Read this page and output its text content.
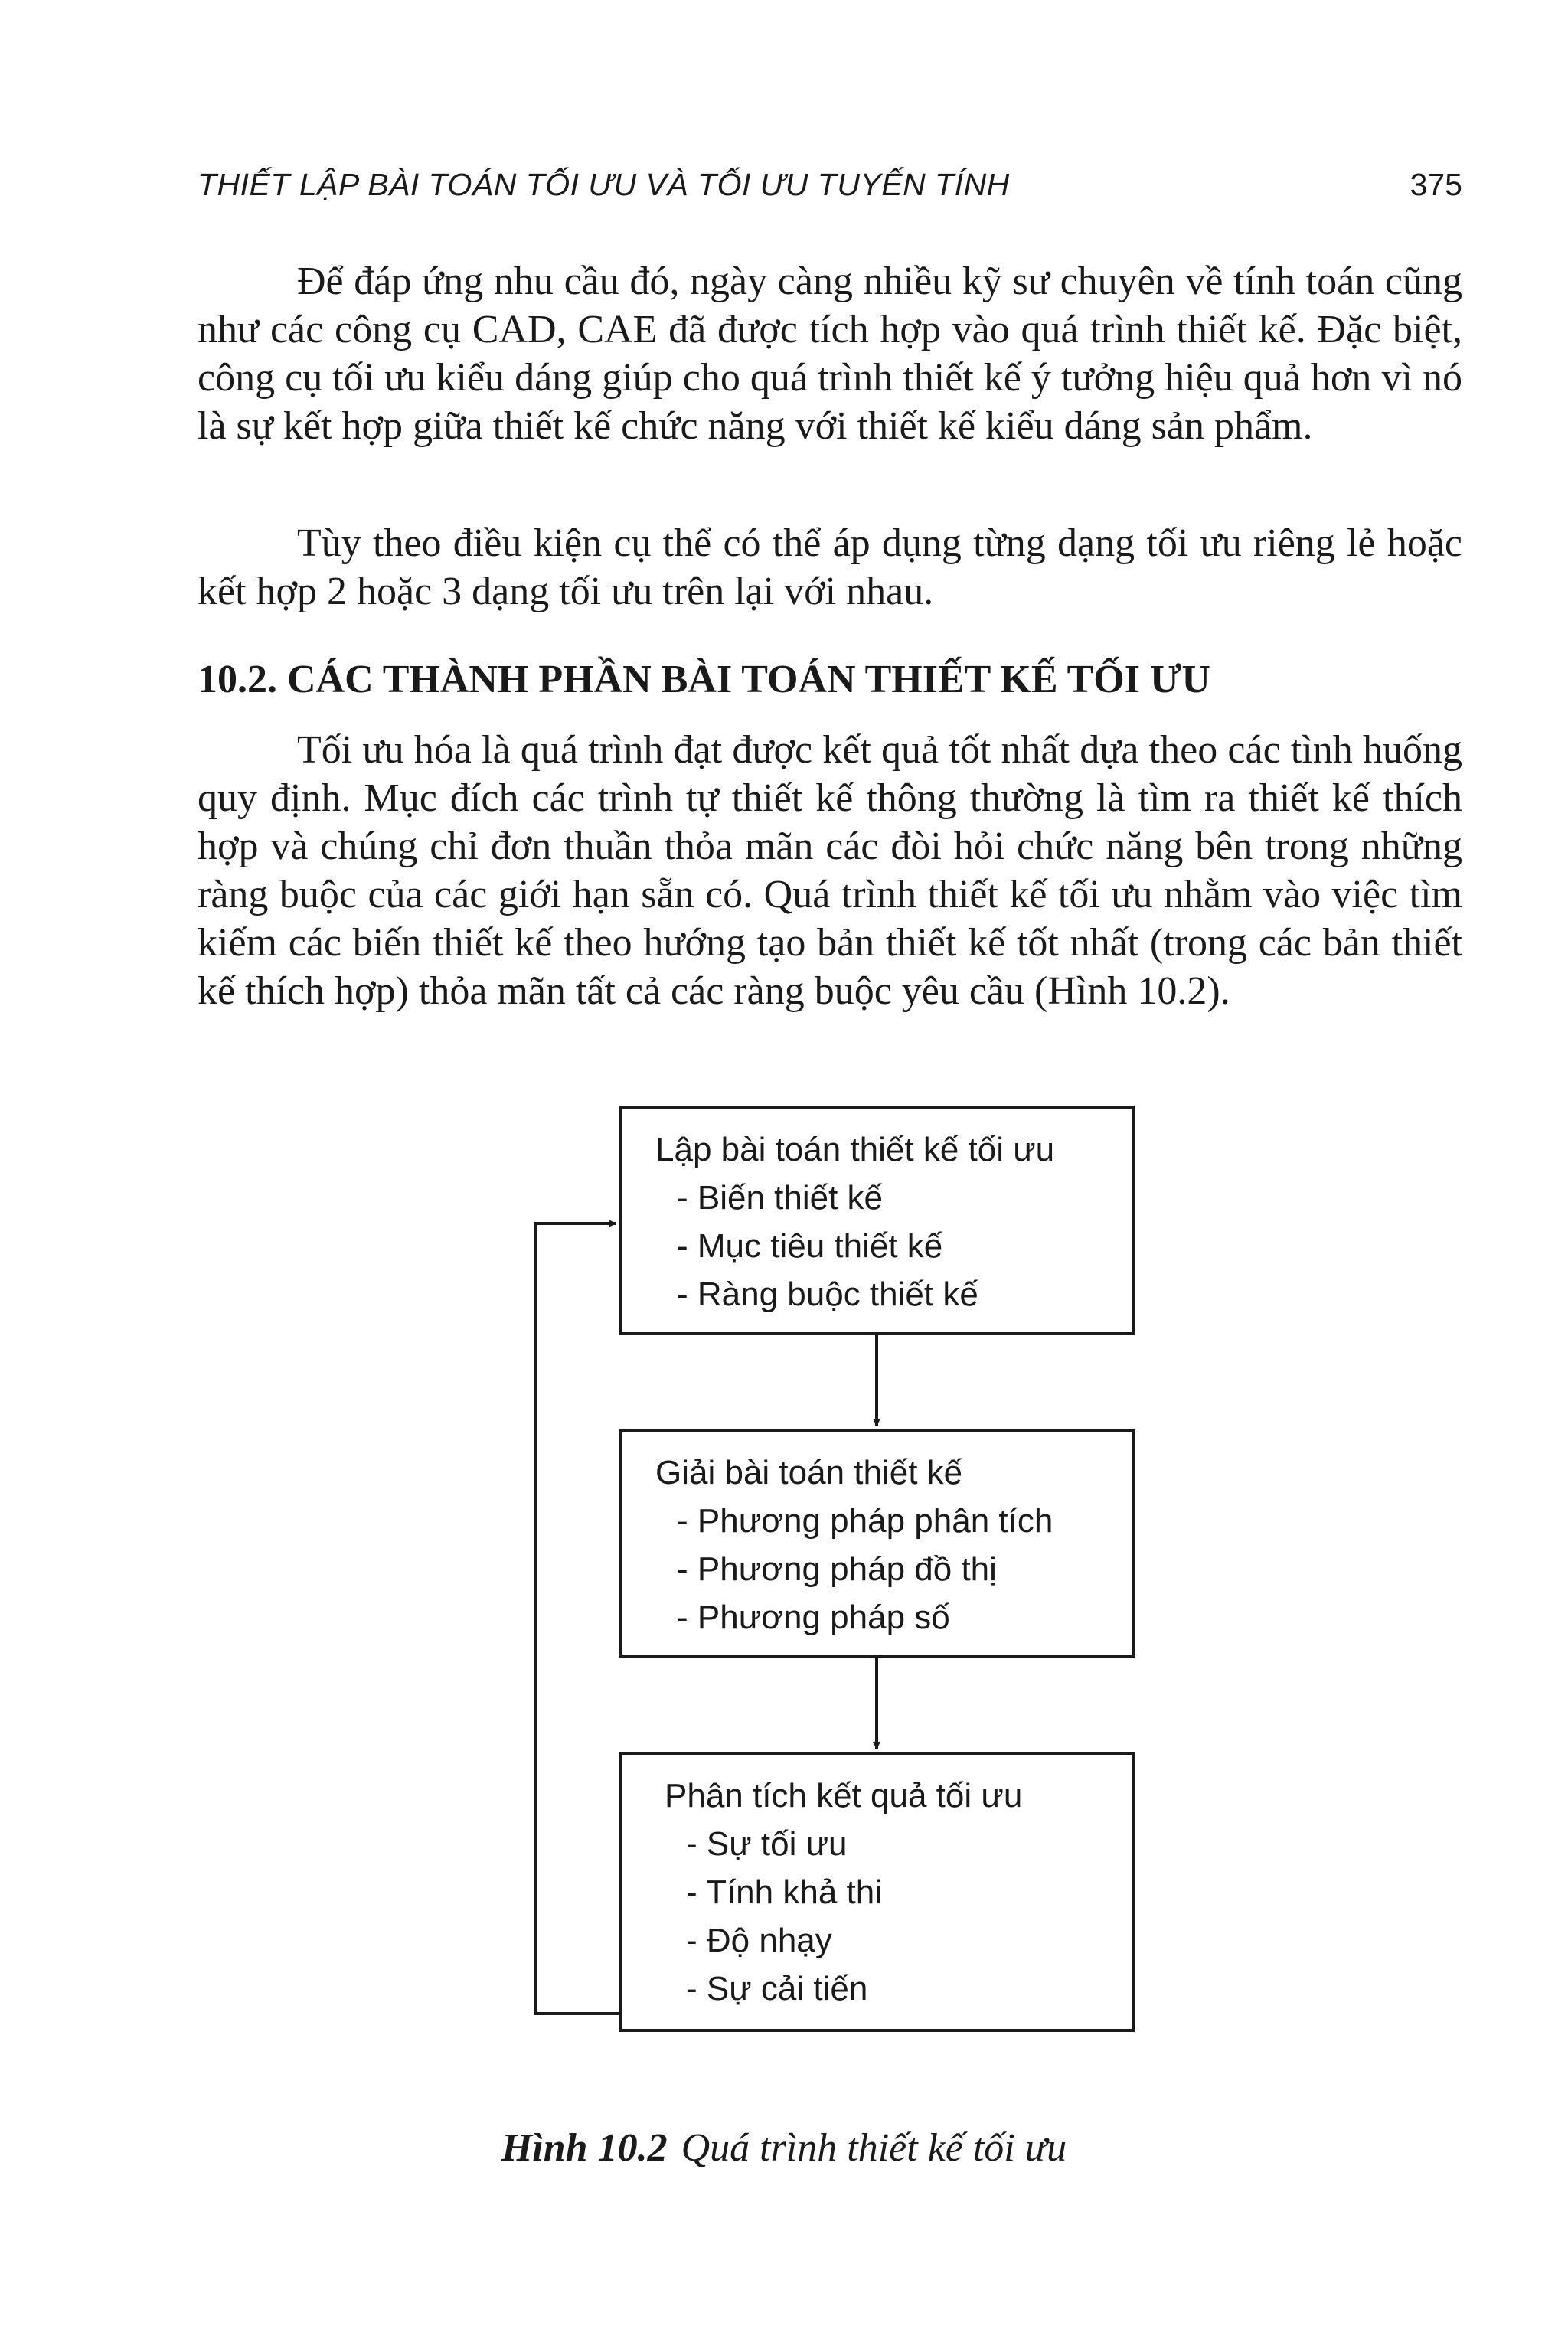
THIẾT LẬP BÀI TOÁN TỐI ƯU VÀ TỐI ƯU TUYẾN TÍNH	375

Để đáp ứng nhu cầu đó, ngày càng nhiều kỹ sư chuyên về tính toán cũng như các công cụ CAD, CAE đã được tích hợp vào quá trình thiết kế. Đặc biệt, công cụ tối ưu kiểu dáng giúp cho quá trình thiết kế ý tưởng hiệu quả hơn vì nó là sự kết hợp giữa thiết kế chức năng với thiết kế kiểu dáng sản phẩm.

Tùy theo điều kiện cụ thể có thể áp dụng từng dạng tối ưu riêng lẻ hoặc kết hợp 2 hoặc 3 dạng tối ưu trên lại với nhau.

10.2. CÁC THÀNH PHẦN BÀI TOÁN THIẾT KẾ TỐI ƯU

Tối ưu hóa là quá trình đạt được kết quả tốt nhất dựa theo các tình huống quy định. Mục đích các trình tự thiết kế thông thường là tìm ra thiết kế thích hợp và chúng chỉ đơn thuần thỏa mãn các đòi hỏi chức năng bên trong những ràng buộc của các giới hạn sẵn có. Quá trình thiết kế tối ưu nhằm vào việc tìm kiếm các biến thiết kế theo hướng tạo bản thiết kế tốt nhất (trong các bản thiết kế thích hợp) thỏa mãn tất cả các ràng buộc yêu cầu (Hình 10.2).

Lập bài toán thiết kế tối ưu
- Biến thiết kế
- Mục tiêu thiết kế
- Ràng buộc thiết kế
Giải bài toán thiết kế
- Phương pháp phân tích
- Phương pháp đồ thị
- Phương pháp số
Phân tích kết quả tối ưu
- Sự tối ưu
- Tính khả thi
- Độ nhạy
- Sự cải tiến
Hình 10.2 Quá trình thiết kế tối ưu
